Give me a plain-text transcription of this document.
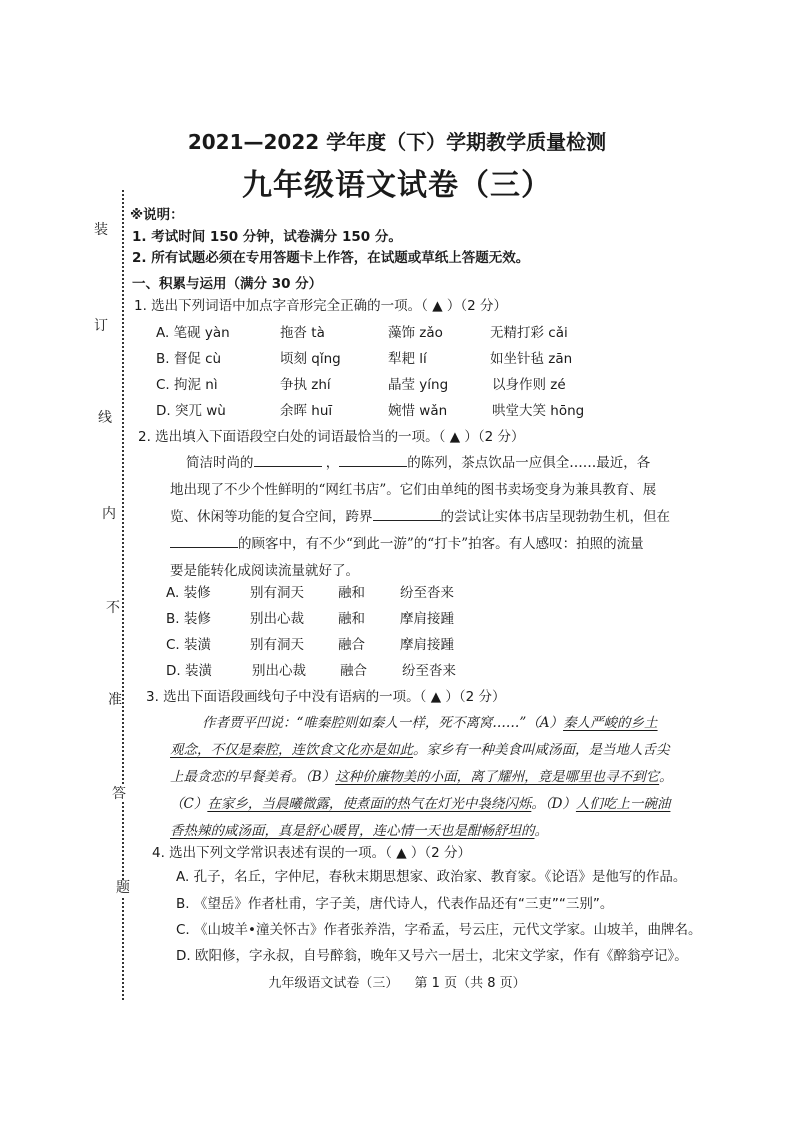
装
订
线
内
不
准
答
题
2021—2022 学年度（下）学期教学质量检测
九年级语文试卷（三）
※说明：
1. 考试时间 150 分钟，试卷满分 150 分。
2. 所有试题必须在专用答题卡上作答，在试题或草纸上答题无效。
一、积累与运用（满分 30 分）
1. 选出下列词语中加点字音形完全正确的一项。（ ▲ ）（2 分）
A. 笔砚 yàn	拖沓 tà	藻饰 zǎo	无精打彩 cǎi
B. 督促 cù	顷刻 qǐng	犁耙 lí	如坐针毡 zān
C. 拘泥 nì	争执 zhí	晶莹 yíng	以身作则 zé
D. 突兀 wù	余晖 huī	婉惜 wǎn	哄堂大笑 hōng
2. 选出填入下面语段空白处的词语最恰当的一项。（ ▲ ）（2 分）
简洁时尚的	，	的陈列，茶点饮品一应俱全……最近，各
地出现了不少个性鲜明的“网红书店”。它们由单纯的图书卖场变身为兼具教育、展
览、休闲等功能的复合空间，跨界	的尝试让实体书店呈现勃勃生机，但在
的顾客中，有不少“到此一游”的“打卡”拍客。有人感叹：拍照的流量
要是能转化成阅读流量就好了。
A. 装修	别有洞天	融和	纷至沓来
B. 装修	别出心裁	融和	摩肩接踵
C. 装潢	别有洞天	融合	摩肩接踵
D. 装潢	别出心裁	融合	纷至沓来
3. 选出下面语段画线句子中没有语病的一项。（ ▲ ）（2 分）
作者贾平凹说：“唯秦腔则如秦人一样，死不离窝……”（A）秦人严峻的乡土
观念，不仅是秦腔，连饮食文化亦是如此。家乡有一种美食叫咸汤面，是当地人舌尖
上最贪恋的早餐美肴。（B）这种价廉物美的小面，离了耀州，竟是哪里也寻不到它。
（C）在家乡，当晨曦微露，使煮面的热气在灯光中袅绕闪烁。（D）人们吃上一碗油
香热辣的咸汤面，真是舒心暖胃，连心情一天也是酣畅舒坦的。
4. 选出下列文学常识表述有误的一项。（ ▲ ）（2 分）
A. 孔子，名丘，字仲尼，春秋末期思想家、政治家、教育家。《论语》是他写的作品。
B. 《望岳》作者杜甫，字子美，唐代诗人，代表作品还有“三吏”“三别”。
C. 《山坡羊•潼关怀古》作者张养浩，字希孟，号云庄，元代文学家。山坡羊，曲牌名。
D. 欧阳修，字永叔，自号醉翁，晚年又号六一居士，北宋文学家，作有《醉翁亭记》。
九年级语文试卷（三） 第 1 页（共 8 页）
